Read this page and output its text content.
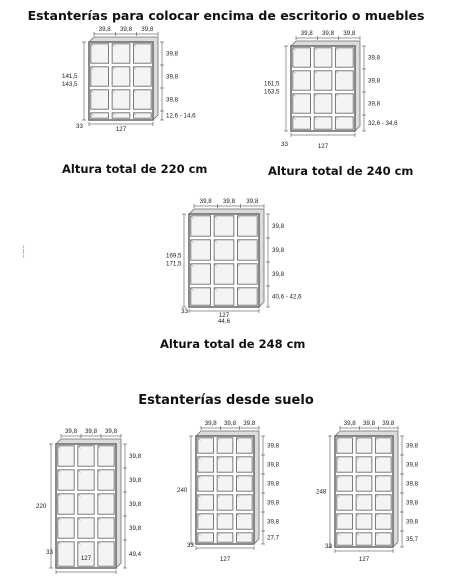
Estanterías para colocar encima de escritorio o muebles
Altura total de 220 cm	Altura total de 240 cm
Altura total de 248 cm
Estanterías desde suelo
¦
¦
39,8 39,8 39,8
39,8
39,8
39,8
12,6 - 14,6
141,5
143,5
127
33
39,8 39,8 39,8
39,8
39,8
39,8
32,6 - 34,6
161,5
163,5
127
33
39,8 39,8 39,8
39,8
39,8
39,8
40,6 - 42,6
169,5
171,5
127
33
44,6
39,8 39,8 39,8
39,8
39,8
39,8
39,8
49,4
220
127
33
39,8 39,8 39,8
39,8
39,8
39,8
39,8
39,8
27,7
240
127
33
39,8 39,8 39,8
39,8
39,8
39,8
39,8
39,8
35,7
248
127
33
